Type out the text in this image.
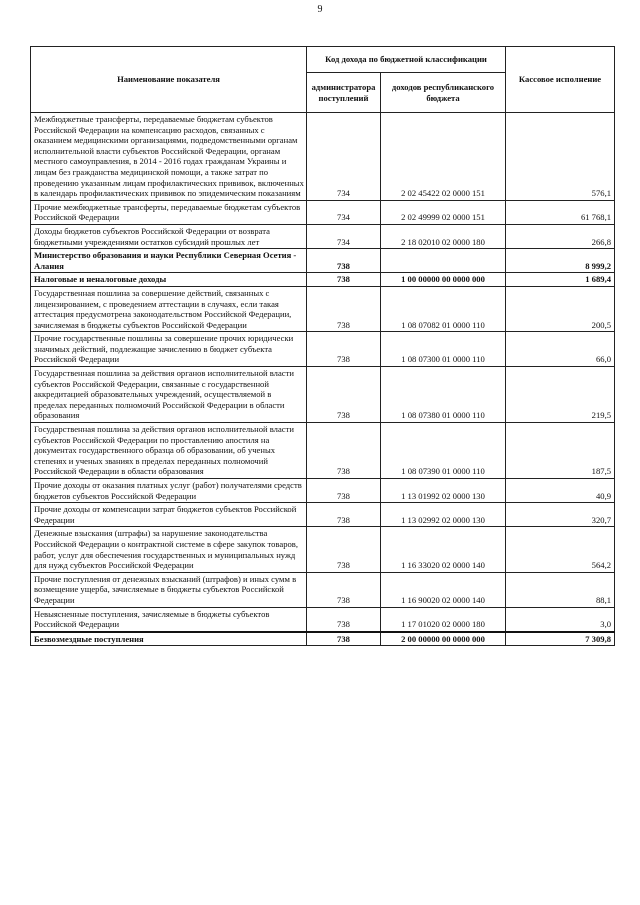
9
Наименование показателя	Код дохода по бюджетной классификации		Кассовое исполнение
	администратора поступлений	доходов республиканского бюджета	
Межбюджетные трансферты, передаваемые бюджетам субъектов Российской Федерации на компенсацию расходов, связанных с оказанием медицинскими организациями, подведомственными органам исполнительной власти субъектов Российской Федерации, органам местного самоуправления, в 2014 - 2016 годах гражданам Украины и лицам без гражданства медицинской помощи, а также затрат по проведению указанным лицам профилактических прививок, включенных в календарь профилактических прививок по эпидемическим показаниям	734	2 02 45422 02 0000 151	576,1
Прочие межбюджетные трансферты, передаваемые бюджетам субъектов Российской Федерации	734	2 02 49999 02 0000 151	61 768,1
Доходы бюджетов субъектов Российской Федерации от возврата бюджетными учреждениями остатков субсидий прошлых лет	734	2 18 02010 02 0000 180	266,8
Министерство образования и науки Республики Северная Осетия - Алания	738		8 999,2
Налоговые и неналоговые доходы	738	1 00 00000 00 0000 000	1 689,4
Государственная пошлина за совершение действий, связанных с лицензированием, с проведением аттестации в случаях, если такая аттестация предусмотрена законодательством Российской Федерации, зачисляемая в бюджеты субъектов Российской Федерации	738	1 08 07082 01 0000 110	200,5
Прочие государственные пошлины за совершение прочих юридически значимых действий, подлежащие зачислению в бюджет субъекта Российской Федерации	738	1 08 07300 01 0000 110	66,0
Государственная пошлина за действия органов исполнительной власти субъектов Российской Федерации, связанные с государственной аккредитацией образовательных учреждений, осуществляемой в пределах переданных полномочий Российской Федерации в области образования	738	1 08 07380 01 0000 110	219,5
Государственная пошлина за действия органов исполнительной власти субъектов Российской Федерации по проставлению апостиля на документах государственного образца об образовании, об ученых степенях и ученых званиях в пределах переданных полномочий Российской Федерации в области образования	738	1 08 07390 01 0000 110	187,5
Прочие доходы от оказания платных услуг (работ) получателями средств бюджетов субъектов Российской Федерации	738	1 13 01992 02 0000 130	40,9
Прочие доходы от компенсации затрат бюджетов субъектов Российской Федерации	738	1 13 02992 02 0000 130	320,7
Денежные взыскания (штрафы) за нарушение законодательства Российской Федерации о контрактной системе в сфере закупок товаров, работ, услуг для обеспечения государственных и муниципальных нужд для нужд субъектов Российской Федерации	738	1 16 33020 02 0000 140	564,2
Прочие поступления от денежных взысканий (штрафов) и иных сумм в возмещение ущерба, зачисляемые в бюджеты субъектов Российской Федерации	738	1 16 90020 02 0000 140	88,1
Невыясненные поступления, зачисляемые в бюджеты субъектов Российской Федерации	738	1 17 01020 02 0000 180	3,0
Безвозмездные поступления	738	2 00 00000 00 0000 000	7 309,8
